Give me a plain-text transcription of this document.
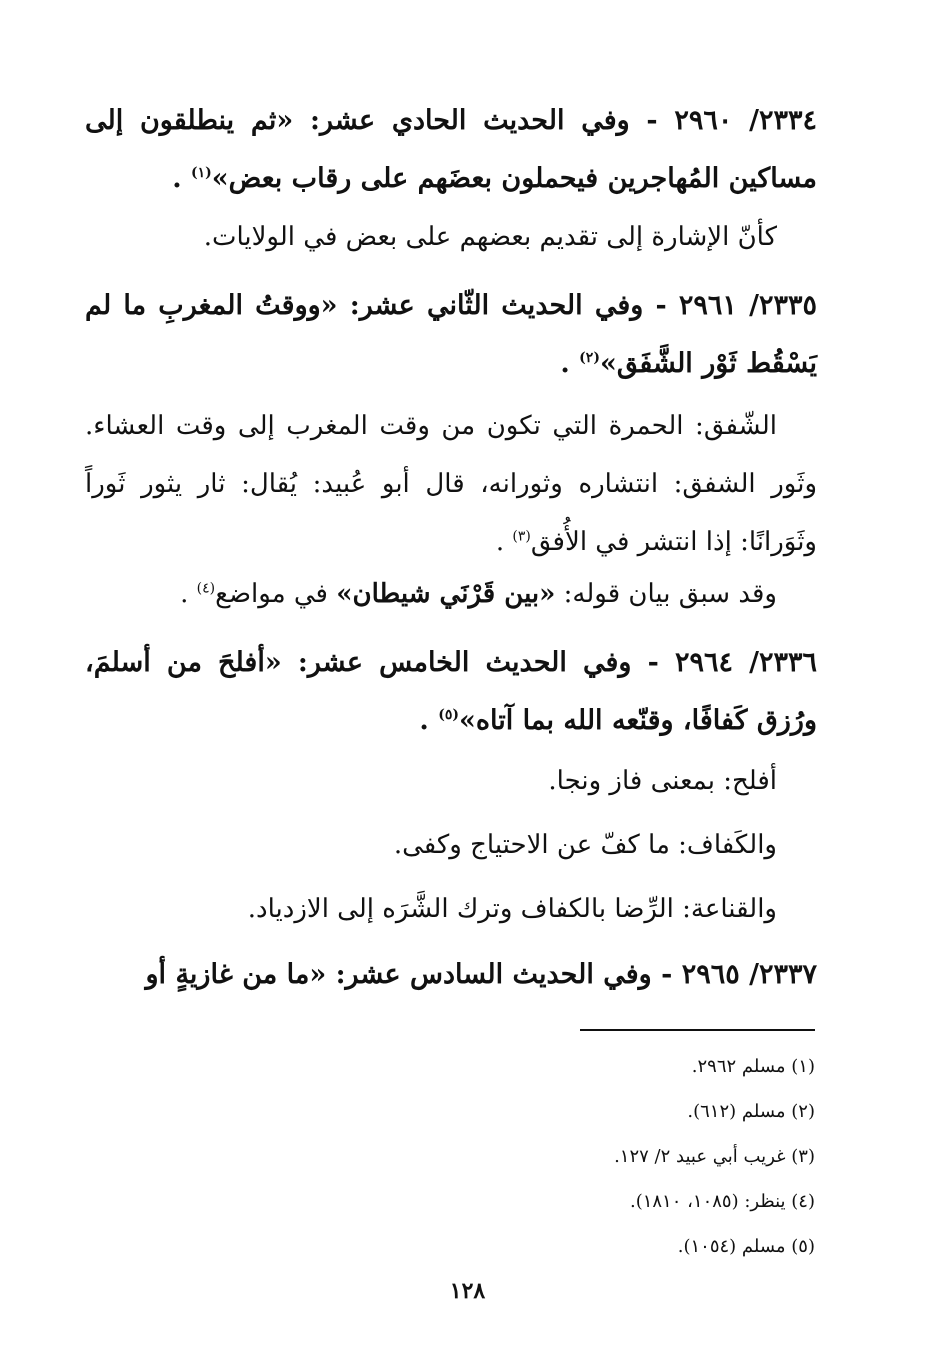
٢٣٣٤/ ٢٩٦٠ - وفي الحديث الحادي عشر: «ثم ينطلقون إلى مساكين المُهاجرين فيحملون بعضَهم على رقاب بعض»$^{(١)}$ .
كأنّ الإشارة إلى تقديم بعضهم على بعض في الولايات.
٢٣٣٥/ ٢٩٦١ - وفي الحديث الثّاني عشر: «ووقتُ المغربِ ما لم يَسْقُط ثَوْر الشَّفَق»$^{(٢)}$ .
الشّفق: الحمرة التي تكون من وقت المغرب إلى وقت العشاء. وثَور الشفق: انتشاره وثورانه، قال أبو عُبيد: يُقال: ثار يثور ثَوراً وثَوَرانًا: إذا انتشر في الأُفق$^{(٣)}$ .
وقد سبق بيان قوله: «بين قَرْنَي شيطان» في مواضع$^{(٤)}$ .
٢٣٣٦/ ٢٩٦٤ - وفي الحديث الخامس عشر: «أفلحَ من أسلمَ، ورُزق كَفافًا، وقنّعه الله بما آتاه»$^{(٥)}$ .
أفلح: بمعنى فاز ونجا.
والكَفاف: ما كفّ عن الاحتياج وكفى.
والقناعة: الرِّضا بالكفاف وترك الشَّرَه إلى الازدياد.
٢٣٣٧/ ٢٩٦٥ - وفي الحديث السادس عشر: «ما من غازيةٍ أو
(١) مسلم ٢٩٦٢.
(٢) مسلم (٦١٢).
(٣) غريب أبي عبيد ٢/ ١٢٧.
(٤) ينظر: (١٠٨٥، ١٨١٠).
(٥) مسلم (١٠٥٤).
١٢٨
